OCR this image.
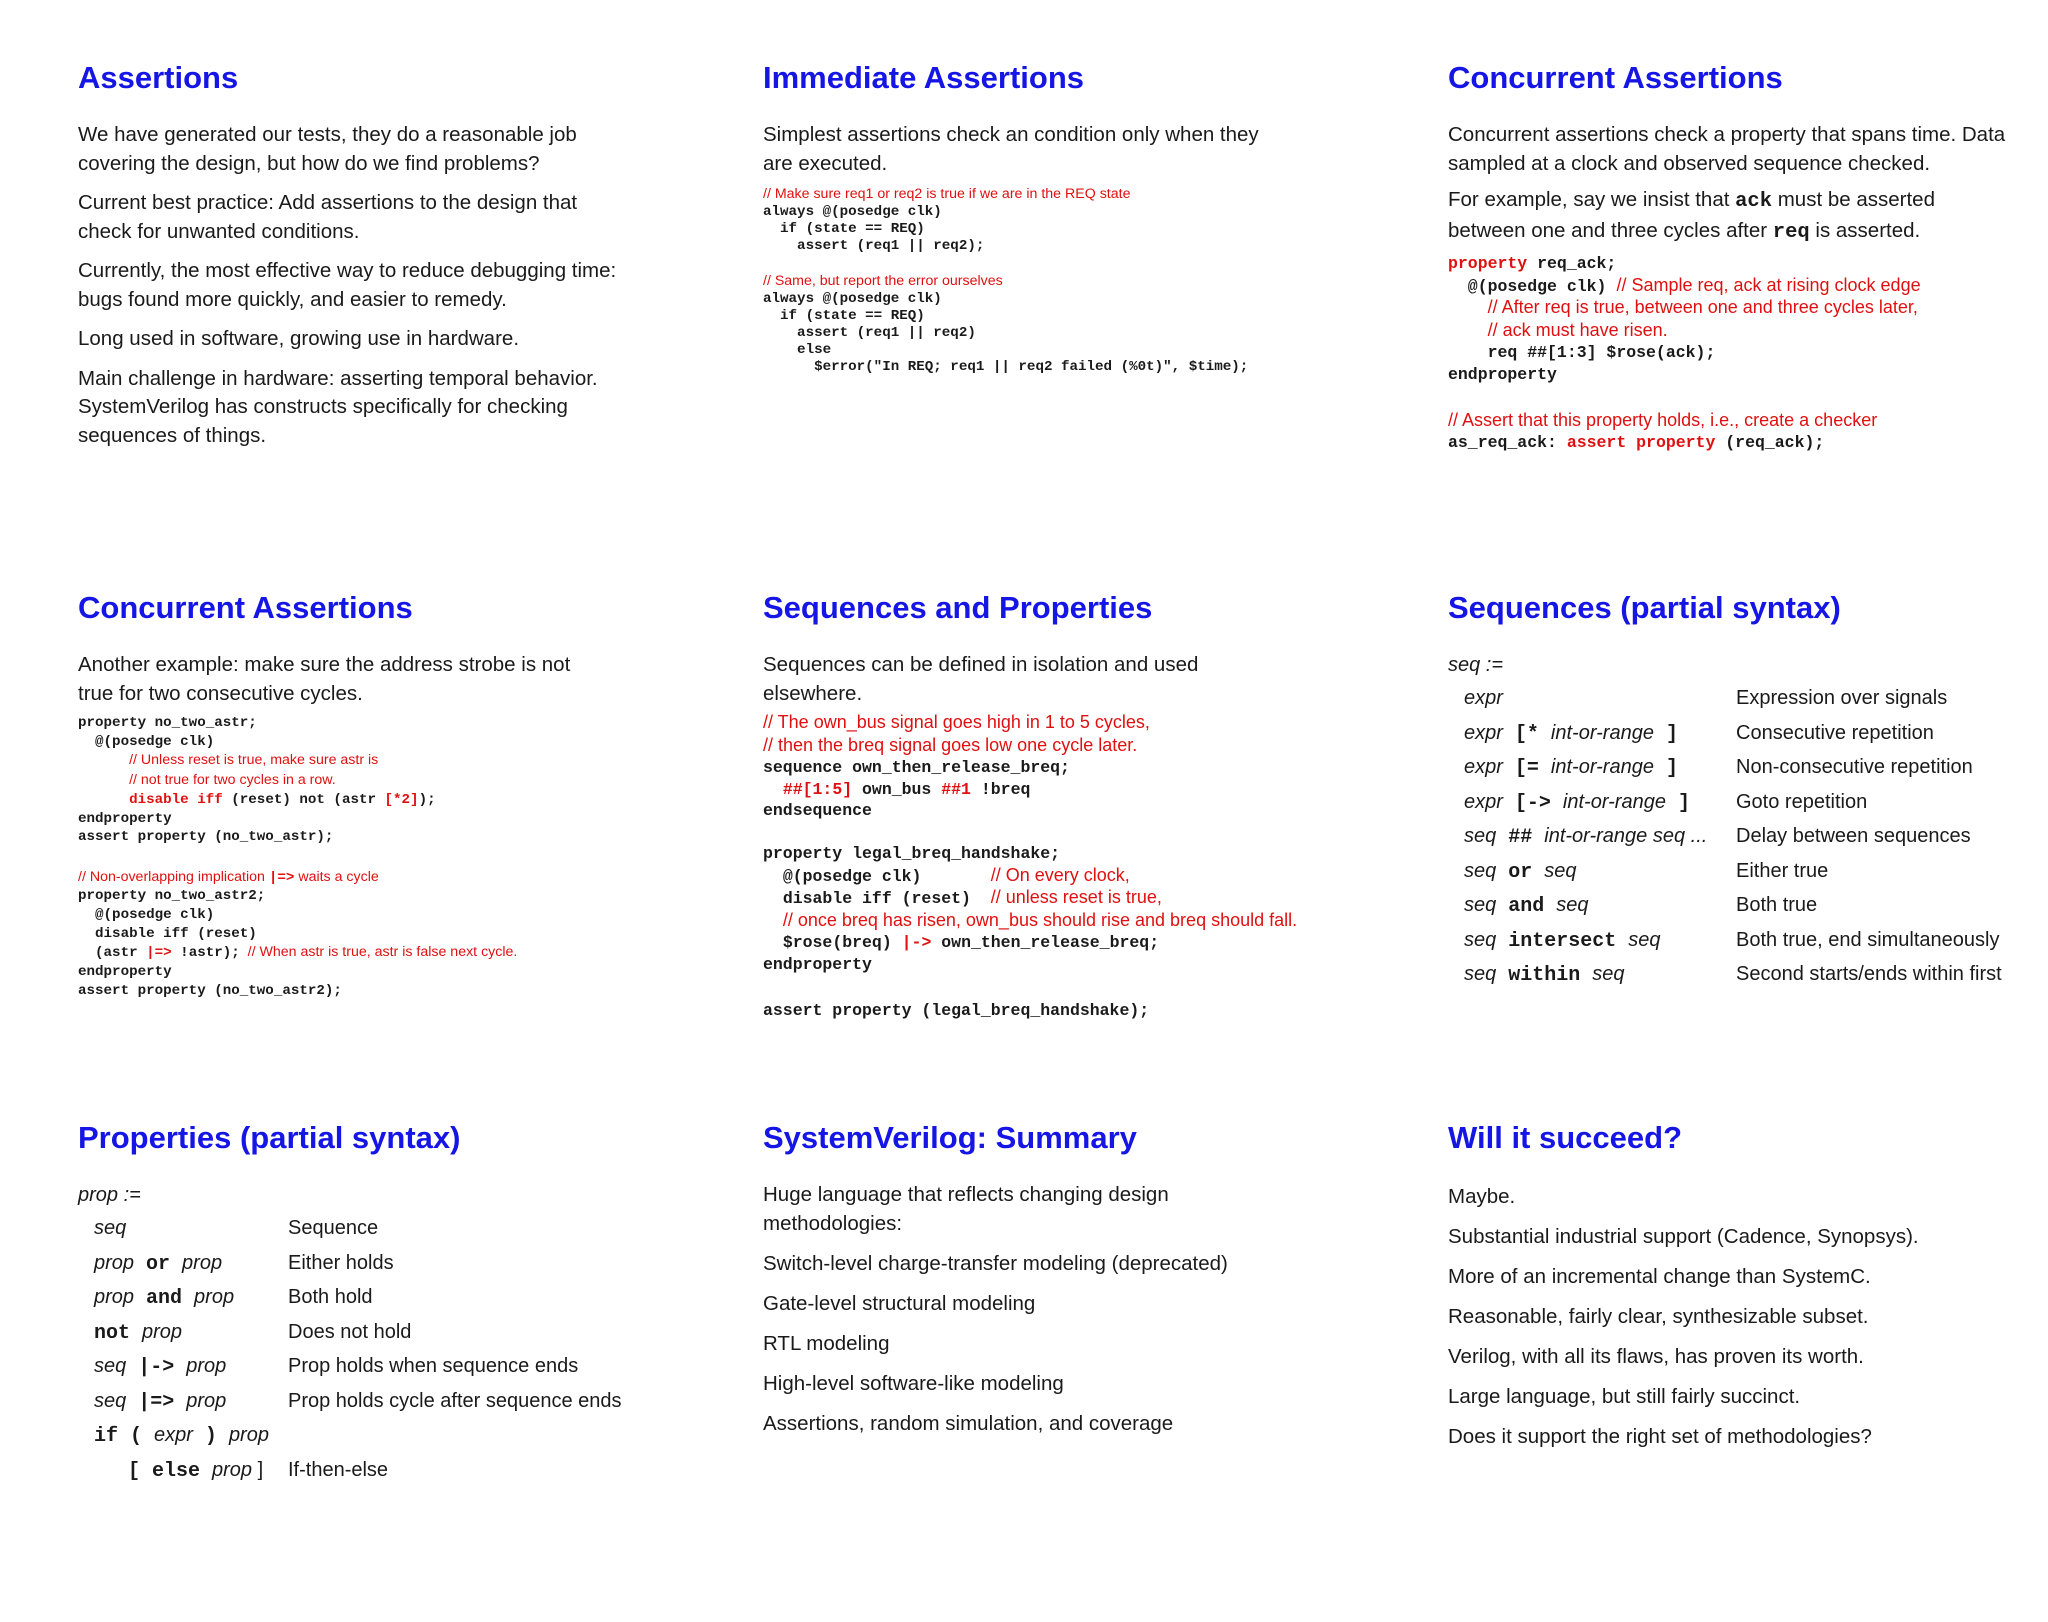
Assertions

We have generated our tests, they do a reasonable job covering the design, but how do we find problems?

Current best practice: Add assertions to the design that check for unwanted conditions.

Currently, the most effective way to reduce debugging time: bugs found more quickly, and easier to remedy.

Long used in software, growing use in hardware.

Main challenge in hardware: asserting temporal behavior. SystemVerilog has constructs specifically for checking sequences of things.

Immediate Assertions

Simplest assertions check an condition only when they are executed.

// Make sure req1 or req2 is true if we are in the REQ state
always @(posedge clk)
if (state == REQ)
assert (req1 || req2);

// Same, but report the error ourselves
always @(posedge clk)
if (state == REQ)
assert (req1 || req2)
else
$error("In REQ; req1 || req2 failed (%0t)", $time);
Concurrent Assertions

Concurrent assertions check a property that spans time. Data sampled at a clock and observed sequence checked.

For example, say we insist that ack must be asserted between one and three cycles after req is asserted.

property req_ack;
@(posedge clk)  // Sample req, ack at rising clock edge
// After req is true, between one and three cycles later,
// ack must have risen.
req ##[1:3] $rose(ack);
endproperty

// Assert that this property holds, i.e., create a checker
as_req_ack: assert property (req_ack);
Concurrent Assertions

Another example: make sure the address strobe is not true for two consecutive cycles.

property no_two_astr;
@(posedge clk)
// Unless reset is true, make sure astr is
// not true for two cycles in a row.
disable iff (reset) not (astr [*2]);
endproperty
assert property (no_two_astr);

// Non-overlapping implication |=> waits a cycle
property no_two_astr2;
@(posedge clk)
disable iff (reset)
(astr |=> !astr);  // When astr is true, astr is false next cycle.
endproperty
assert property (no_two_astr2);
Sequences and Properties

Sequences can be defined in isolation and used elsewhere.

// The own_bus signal goes high in 1 to 5 cycles,
// then the breq signal goes low one cycle later.
sequence own_then_release_breq;
##[1:5] own_bus ##1 !breq
endsequence

property legal_breq_handshake;
@(posedge clk)	// On every clock,
disable iff (reset) // unless reset is true,
// once breq has risen, own_bus should rise and breq should fall.
$rose(breq) |-> own_then_release_breq;
endproperty

assert property (legal_breq_handshake);
Sequences (partial syntax)
seq :=
expr	Expression over signals
expr [* int-or-range ]	Consecutive repetition
expr [= int-or-range ]	Non-consecutive repetition
expr [-> int-or-range ] Goto repetition
seq ## int-or-range seq ... Delay between sequences
seq or seq	Either true
seq and seq	Both true
seq intersect seq	Both true, end simultaneously
seq within seq	Second starts/ends within first
Properties (partial syntax)
prop :=
seq	Sequence
prop or prop	Either holds
prop and prop	Both hold
not prop	Does not hold
seq |-> prop	Prop holds when sequence ends
seq |=> prop	Prop holds cycle after sequence ends
if ( expr ) prop
[ else prop ] If-then-else
SystemVerilog: Summary

Huge language that reflects changing design methodologies:

Switch-level charge-transfer modeling (deprecated)

Gate-level structural modeling

RTL modeling

High-level software-like modeling

Assertions, random simulation, and coverage

Will it succeed?

Maybe.

Substantial industrial support (Cadence, Synopsys).

More of an incremental change than SystemC.

Reasonable, fairly clear, synthesizable subset.

Verilog, with all its flaws, has proven its worth.

Large language, but still fairly succinct.

Does it support the right set of methodologies?
